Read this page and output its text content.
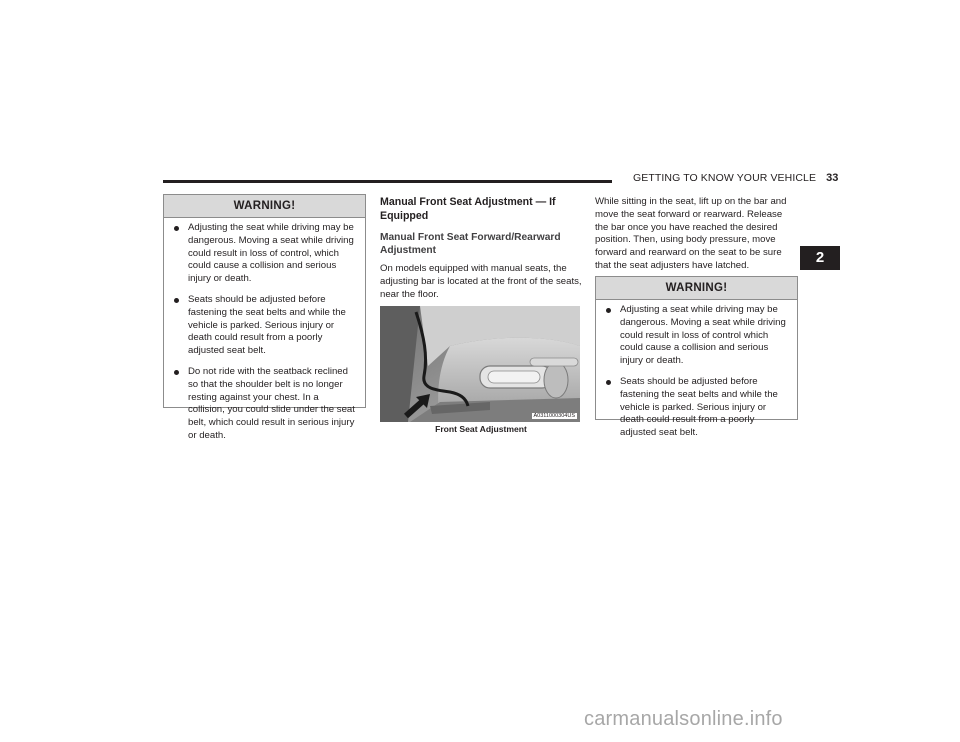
GETTING TO KNOW YOUR VEHICLE 33
2
WARNING!
Adjusting the seat while driving may be dangerous. Moving a seat while driving could result in loss of control, which could cause a collision and serious injury or death.
Seats should be adjusted before fastening the seat belts and while the vehicle is parked. Serious injury or death could result from a poorly adjusted seat belt.
Do not ride with the seatback reclined so that the shoulder belt is no longer resting against your chest. In a collision, you could slide under the seat belt, which could result in serious injury or death.

Manual Front Seat Adjustment — If Equipped

Manual Front Seat Forward/Rearward Adjustment

On models equipped with manual seats, the adjusting bar is located at the front of the seats, near the floor.

A0311000304US
Front Seat Adjustment

While sitting in the seat, lift up on the bar and move the seat forward or rearward. Release the bar once you have reached the desired position. Then, using body pressure, move forward and rearward on the seat to be sure that the seat adjusters have latched.

WARNING!
Adjusting a seat while driving may be dangerous. Moving a seat while driving could result in loss of control which could cause a collision and serious injury or death.
Seats should be adjusted before fastening the seat belts and while the vehicle is parked. Serious injury or death could result from a poorly adjusted seat belt.
carmanualsonline.info
